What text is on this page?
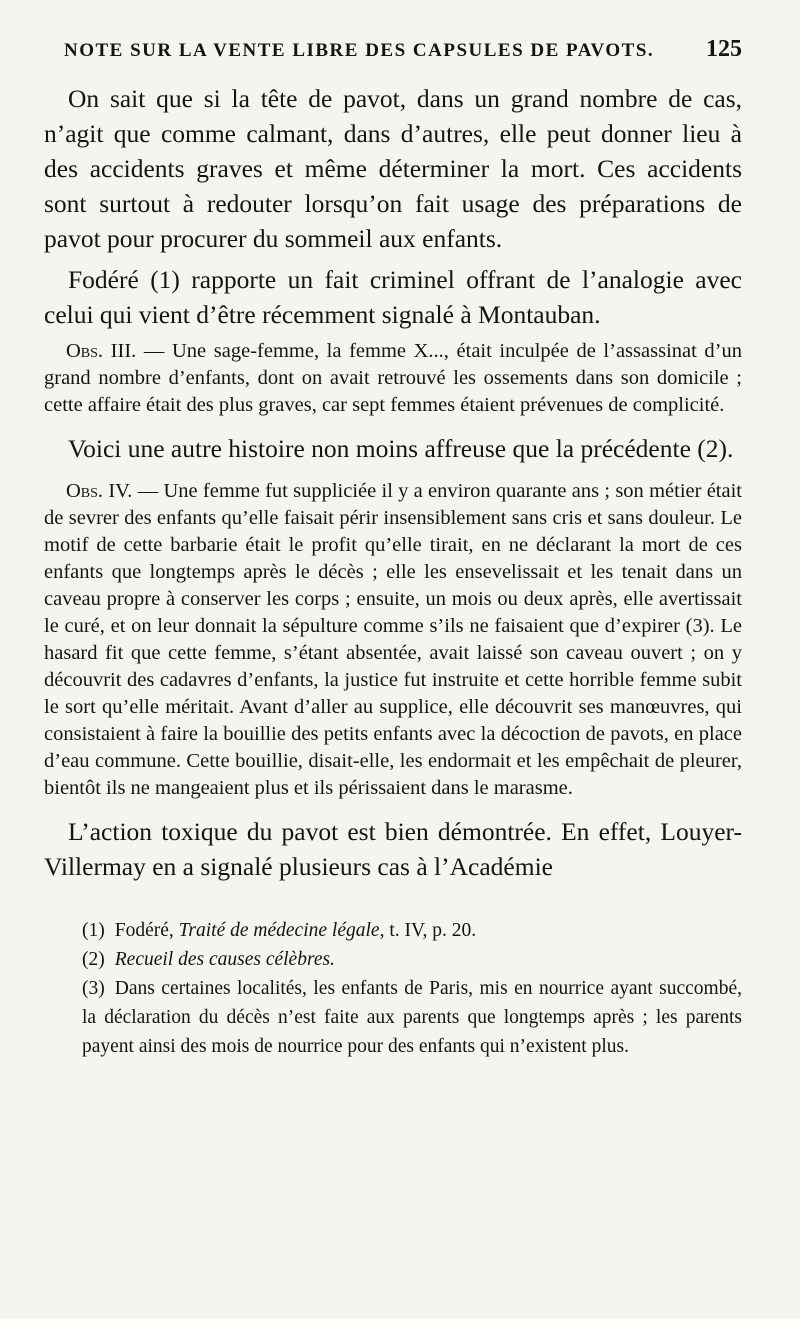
NOTE SUR LA VENTE LIBRE DES CAPSULES DE PAVOTS. 125

On sait que si la tête de pavot, dans un grand nombre de cas, n’agit que comme calmant, dans d’autres, elle peut donner lieu à des accidents graves et même déterminer la mort. Ces accidents sont surtout à redouter lorsqu’on fait usage des préparations de pavot pour procurer du sommeil aux enfants.

Fodéré (1) rapporte un fait criminel offrant de l’analogie avec celui qui vient d’être récemment signalé à Montauban.

Obs. III. — Une sage-femme, la femme X..., était inculpée de l’assassinat d’un grand nombre d’enfants, dont on avait retrouvé les ossements dans son domicile ; cette affaire était des plus graves, car sept femmes étaient prévenues de complicité.

Voici une autre histoire non moins affreuse que la précédente (2).

Obs. IV. — Une femme fut suppliciée il y a environ quarante ans ; son métier était de sevrer des enfants qu’elle faisait périr insensiblement sans cris et sans douleur. Le motif de cette barbarie était le profit qu’elle tirait, en ne déclarant la mort de ces enfants que longtemps après le décès ; elle les ensevelissait et les tenait dans un caveau propre à conserver les corps ; ensuite, un mois ou deux après, elle avertissait le curé, et on leur donnait la sépulture comme s’ils ne faisaient que d’expirer (3). Le hasard fit que cette femme, s’étant absentée, avait laissé son caveau ouvert ; on y découvrit des cadavres d’enfants, la justice fut instruite et cette horrible femme subit le sort qu’elle méritait. Avant d’aller au supplice, elle découvrit ses manœuvres, qui consistaient à faire la bouillie des petits enfants avec la décoction de pavots, en place d’eau commune. Cette bouillie, disait-elle, les endormait et les empêchait de pleurer, bientôt ils ne mangeaient plus et ils périssaient dans le marasme.

L’action toxique du pavot est bien démontrée. En effet, Louyer-Villermay en a signalé plusieurs cas à l’Académie

(1) Fodéré, Traité de médecine légale, t. IV, p. 20.

(2) Recueil des causes célèbres.

(3) Dans certaines localités, les enfants de Paris, mis en nourrice ayant succombé, la déclaration du décès n’est faite aux parents que longtemps après ; les parents payent ainsi des mois de nourrice pour des enfants qui n’existent plus.
